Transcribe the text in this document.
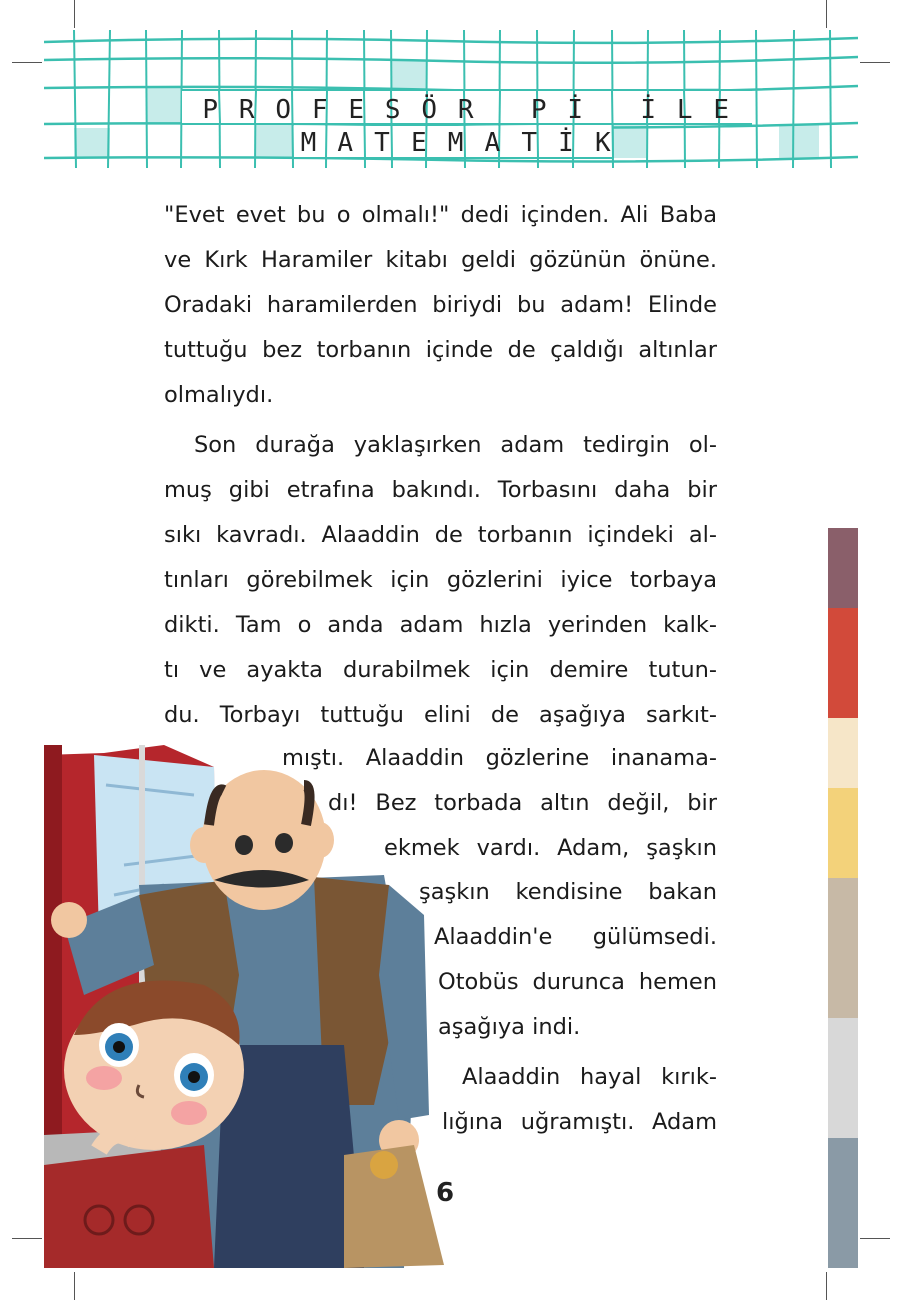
P R O F E S Ö R	P İ	İ L E
M A T E M A T İ K
"Evet evet bu o olmalı!" dedi içinden. Ali Baba
ve Kırk Haramiler kitabı geldi gözünün önüne.
Oradaki haramilerden biriydi bu adam! Elinde
tuttuğu bez torbanın içinde de çaldığı altınlar
olmalıydı.
Son durağa yaklaşırken adam tedirgin ol-
muş gibi etrafına bakındı. Torbasını daha bir
sıkı kavradı. Alaaddin de torbanın içindeki al-
tınları görebilmek için gözlerini iyice torbaya
dikti. Tam o anda adam hızla yerinden kalk-
tı ve ayakta durabilmek için demire tutun-
du. Torbayı tuttuğu elini de aşağıya sarkıt-
mıştı. Alaaddin gözlerine inanama-
dı! Bez torbada altın değil, bir
ekmek vardı. Adam, şaşkın
şaşkın kendisine bakan
Alaaddin'e gülümsedi.
Otobüs durunca hemen
aşağıya indi.
Alaaddin hayal kırık-
lığına uğramıştı. Adam
6
